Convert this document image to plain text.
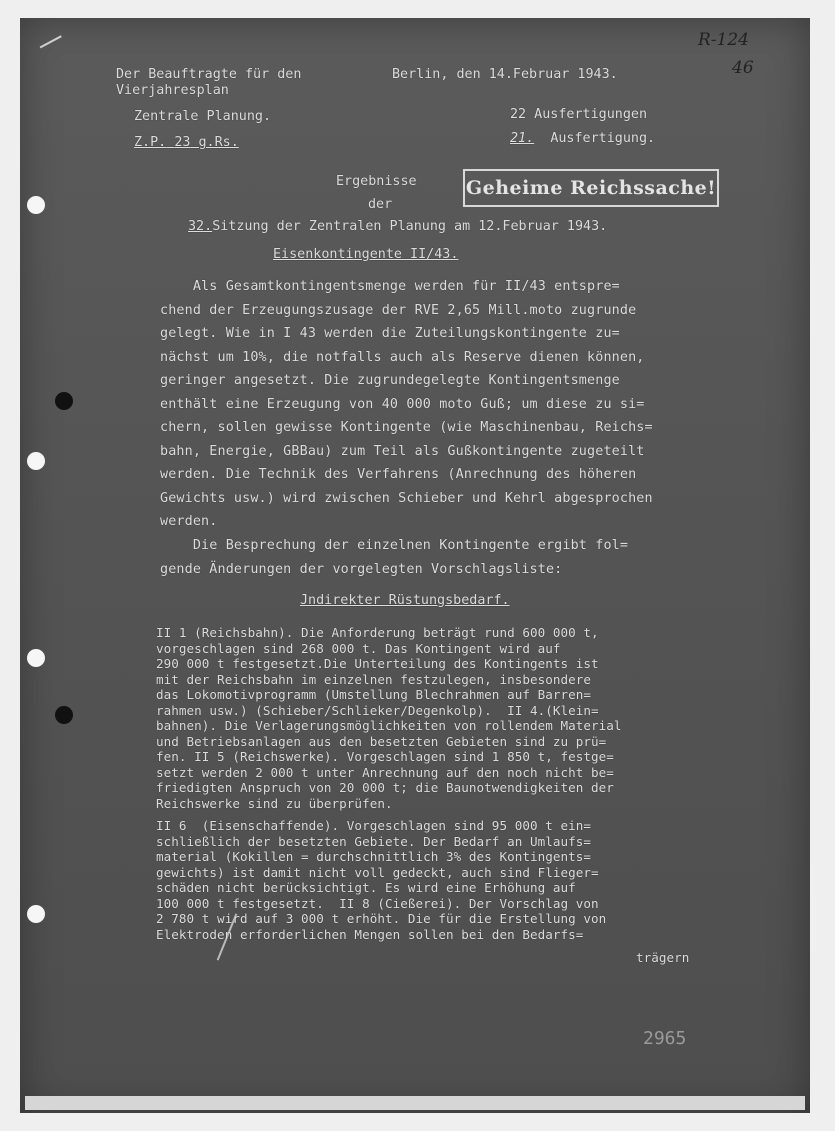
Der Beauftragte für den
Vierjahresplan
Zentrale Planung.
Z.P. 23 g.Rs.
Berlin, den 14.Februar 1943.
22 Ausfertigungen
21. Ausfertigung.
R-124
46
Ergebnisse
der
Geheime Reichssache!
32.Sitzung der Zentralen Planung am 12.Februar 1943.
Eisenkontingente II/43.
Als Gesamtkontingentsmenge werden für II/43 entspre=
chend der Erzeugungszusage der RVE 2,65 Mill.moto zugrunde
gelegt. Wie in I 43 werden die Zuteilungskontingente zu=
nächst um 10%, die notfalls auch als Reserve dienen können,
geringer angesetzt. Die zugrundegelegte Kontingentsmenge
enthält eine Erzeugung von 40 000 moto Guß; um diese zu si=
chern, sollen gewisse Kontingente (wie Maschinenbau, Reichs=
bahn, Energie, GBBau) zum Teil als Gußkontingente zugeteilt
werden. Die Technik des Verfahrens (Anrechnung des höheren
Gewichts usw.) wird zwischen Schieber und Kehrl abgesprochen
werden.
Die Besprechung der einzelnen Kontingente ergibt fol=
gende Änderungen der vorgelegten Vorschlagsliste:
Jndirekter Rüstungsbedarf.
II 1 (Reichsbahn). Die Anforderung beträgt rund 600 000 t,
vorgeschlagen sind 268 000 t. Das Kontingent wird auf
290 000 t festgesetzt.Die Unterteilung des Kontingents ist
mit der Reichsbahn im einzelnen festzulegen, insbesondere
das Lokomotivprogramm (Umstellung Blechrahmen auf Barren=
rahmen usw.) (Schieber/Schlieker/Degenkolp).  II 4.(Klein=
bahnen). Die Verlagerungsmöglichkeiten von rollendem Material
und Betriebsanlagen aus den besetzten Gebieten sind zu prü=
fen. II 5 (Reichswerke). Vorgeschlagen sind 1 850 t, festge=
setzt werden 2 000 t unter Anrechnung auf den noch nicht be=
friedigten Anspruch von 20 000 t; die Baunotwendigkeiten der
Reichswerke sind zu überprüfen.
II 6  (Eisenschaffende). Vorgeschlagen sind 95 000 t ein=
schließlich der besetzten Gebiete. Der Bedarf an Umlaufs=
material (Kokillen = durchschnittlich 3% des Kontingents=
gewichts) ist damit nicht voll gedeckt, auch sind Flieger=
schäden nicht berücksichtigt. Es wird eine Erhöhung auf
100 000 t festgesetzt.  II 8 (Cießerei). Der Vorschlag von
2 780 t wird auf 3 000 t erhöht. Die für die Erstellung von
Elektroden erforderlichen Mengen sollen bei den Bedarfs=
trägern
2965
